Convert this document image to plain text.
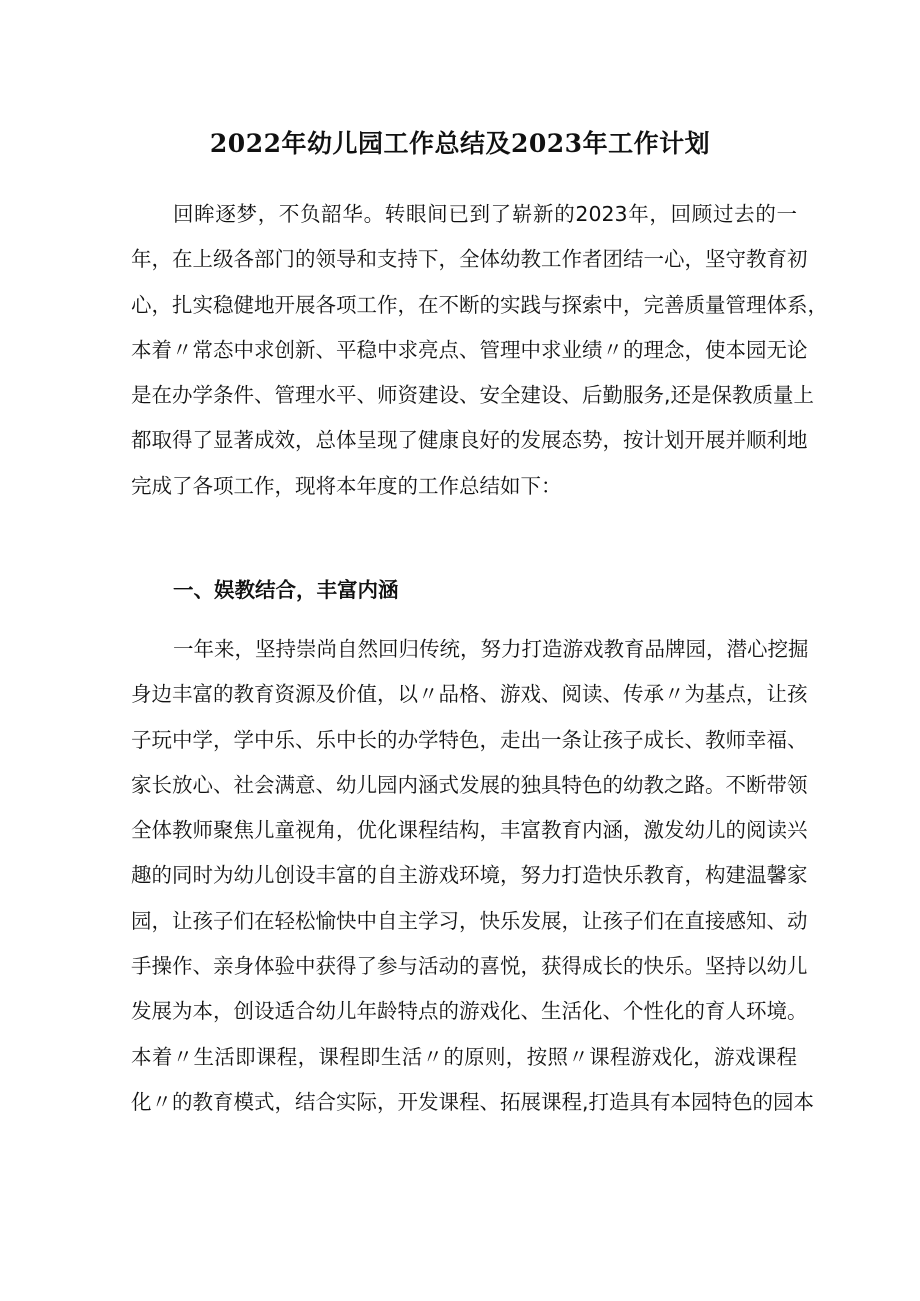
2022年幼儿园工作总结及2023年工作计划
回眸逐梦，不负韶华。转眼间已到了崭新的2023年，回顾过去的一
年，在上级各部门的领导和支持下，全体幼教工作者团结一心，坚守教育初
心，扎实稳健地开展各项工作，在不断的实践与探索中，完善质量管理体系，
本着〃常态中求创新、平稳中求亮点、管理中求业绩〃的理念，使本园无论
是在办学条件、管理水平、师资建设、安全建设、后勤服务,还是保教质量上
都取得了显著成效，总体呈现了健康良好的发展态势，按计划开展并顺利地
完成了各项工作，现将本年度的工作总结如下：
一、娱教结合，丰富内涵
一年来，坚持崇尚自然回归传统，努力打造游戏教育品牌园，潜心挖掘
身边丰富的教育资源及价值，以〃品格、游戏、阅读、传承〃为基点，让孩
子玩中学，学中乐、乐中长的办学特色，走出一条让孩子成长、教师幸福、
家长放心、社会满意、幼儿园内涵式发展的独具特色的幼教之路。不断带领
全体教师聚焦儿童视角，优化课程结构，丰富教育内涵，激发幼儿的阅读兴
趣的同时为幼儿创设丰富的自主游戏环境，努力打造快乐教育，构建温馨家
园，让孩子们在轻松愉快中自主学习，快乐发展，让孩子们在直接感知、动
手操作、亲身体验中获得了参与活动的喜悦，获得成长的快乐。坚持以幼儿
发展为本，创设适合幼儿年龄特点的游戏化、生活化、个性化的育人环境。
本着〃生活即课程，课程即生活〃的原则，按照〃课程游戏化，游戏课程
化〃的教育模式，结合实际，开发课程、拓展课程,打造具有本园特色的园本
